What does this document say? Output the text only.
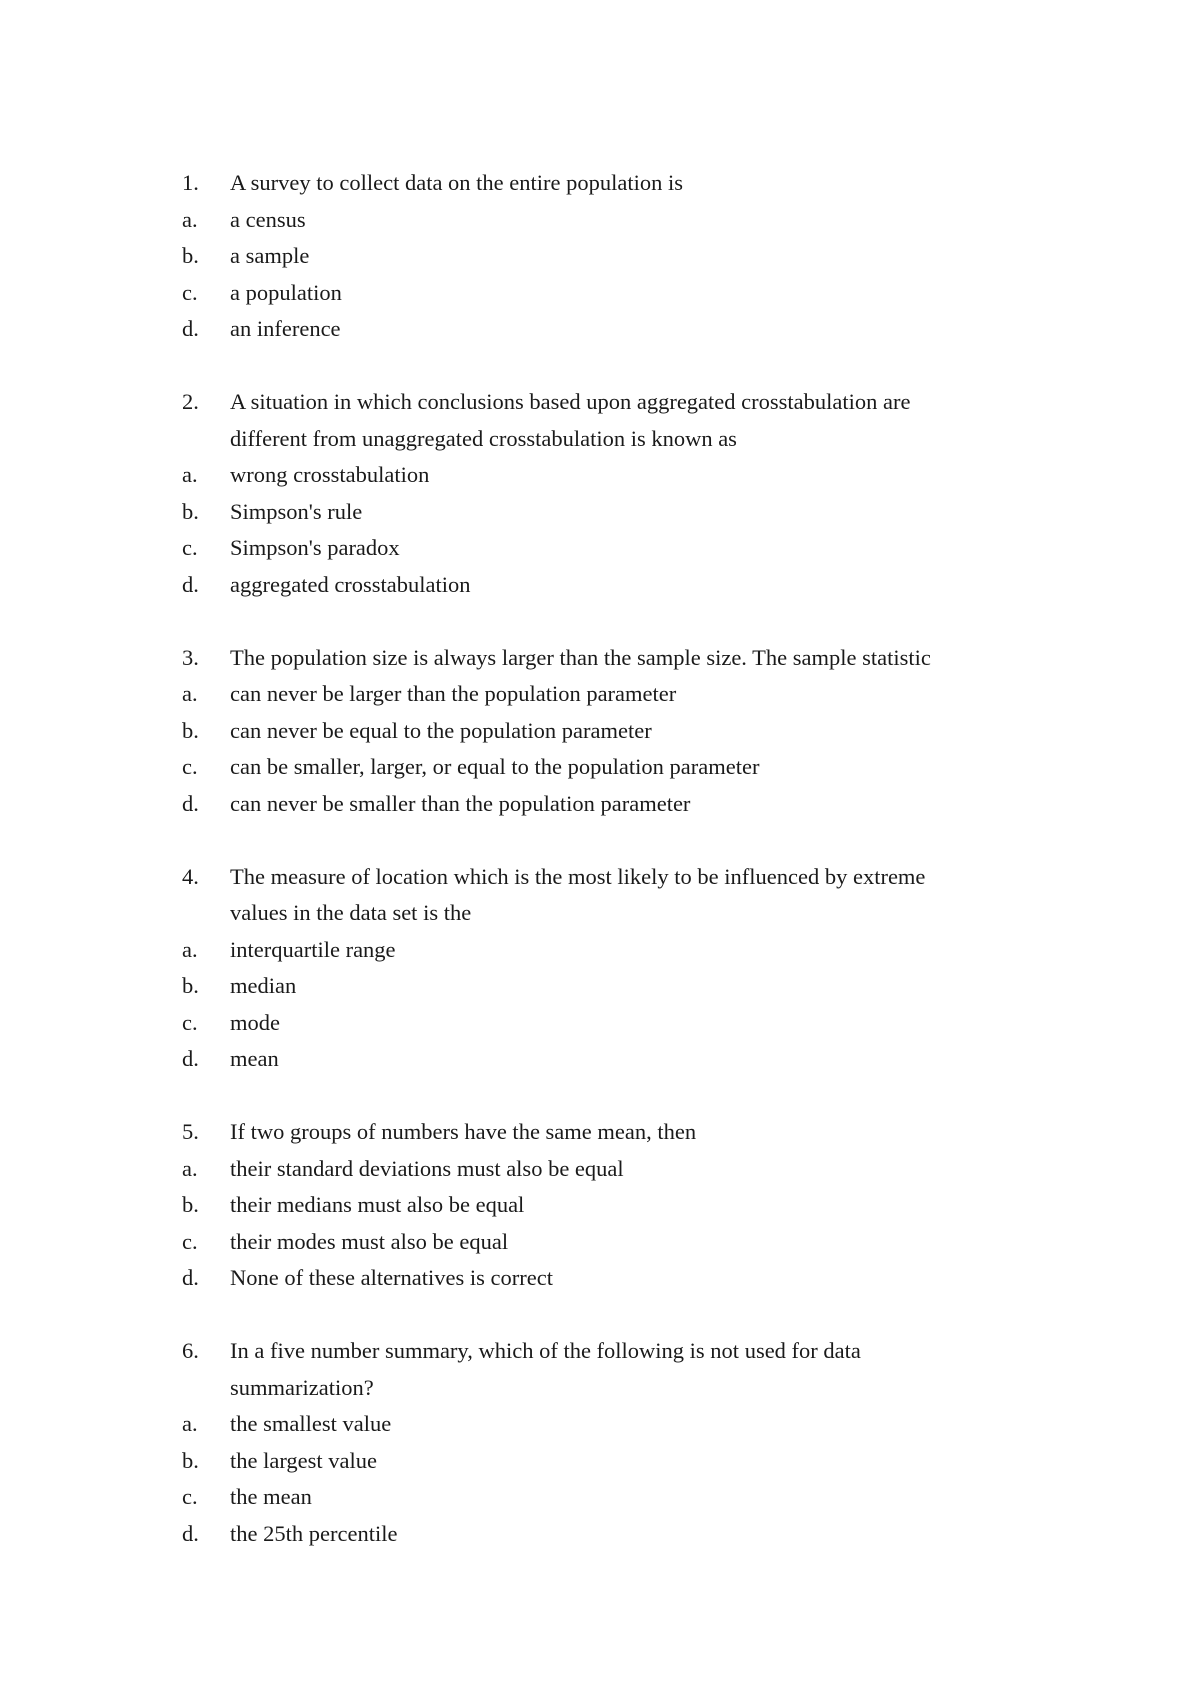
1.	A survey to collect data on the entire population is
a.	a census
b.	a sample
c.	a population
d.	an inference
2.	A situation in which conclusions based upon aggregated crosstabulation are
different from unaggregated crosstabulation is known as
a.	wrong crosstabulation
b.	Simpson's rule
c.	Simpson's paradox
d.	aggregated crosstabulation
3.	The population size is always larger than the sample size. The sample statistic
a.	can never be larger than the population parameter
b.	can never be equal to the population parameter
c.	can be smaller, larger, or equal to the population parameter
d.	can never be smaller than the population parameter
4.	The measure of location which is the most likely to be influenced by extreme
values in the data set is the
a.	interquartile range
b.	median
c.	mode
d.	mean
5.	If two groups of numbers have the same mean, then
a.	their standard deviations must also be equal
b.	their medians must also be equal
c.	their modes must also be equal
d.	None of these alternatives is correct
6.	In a five number summary, which of the following is not used for data
summarization?
a.	the smallest value
b.	the largest value
c.	the mean
d.	the 25th percentile
